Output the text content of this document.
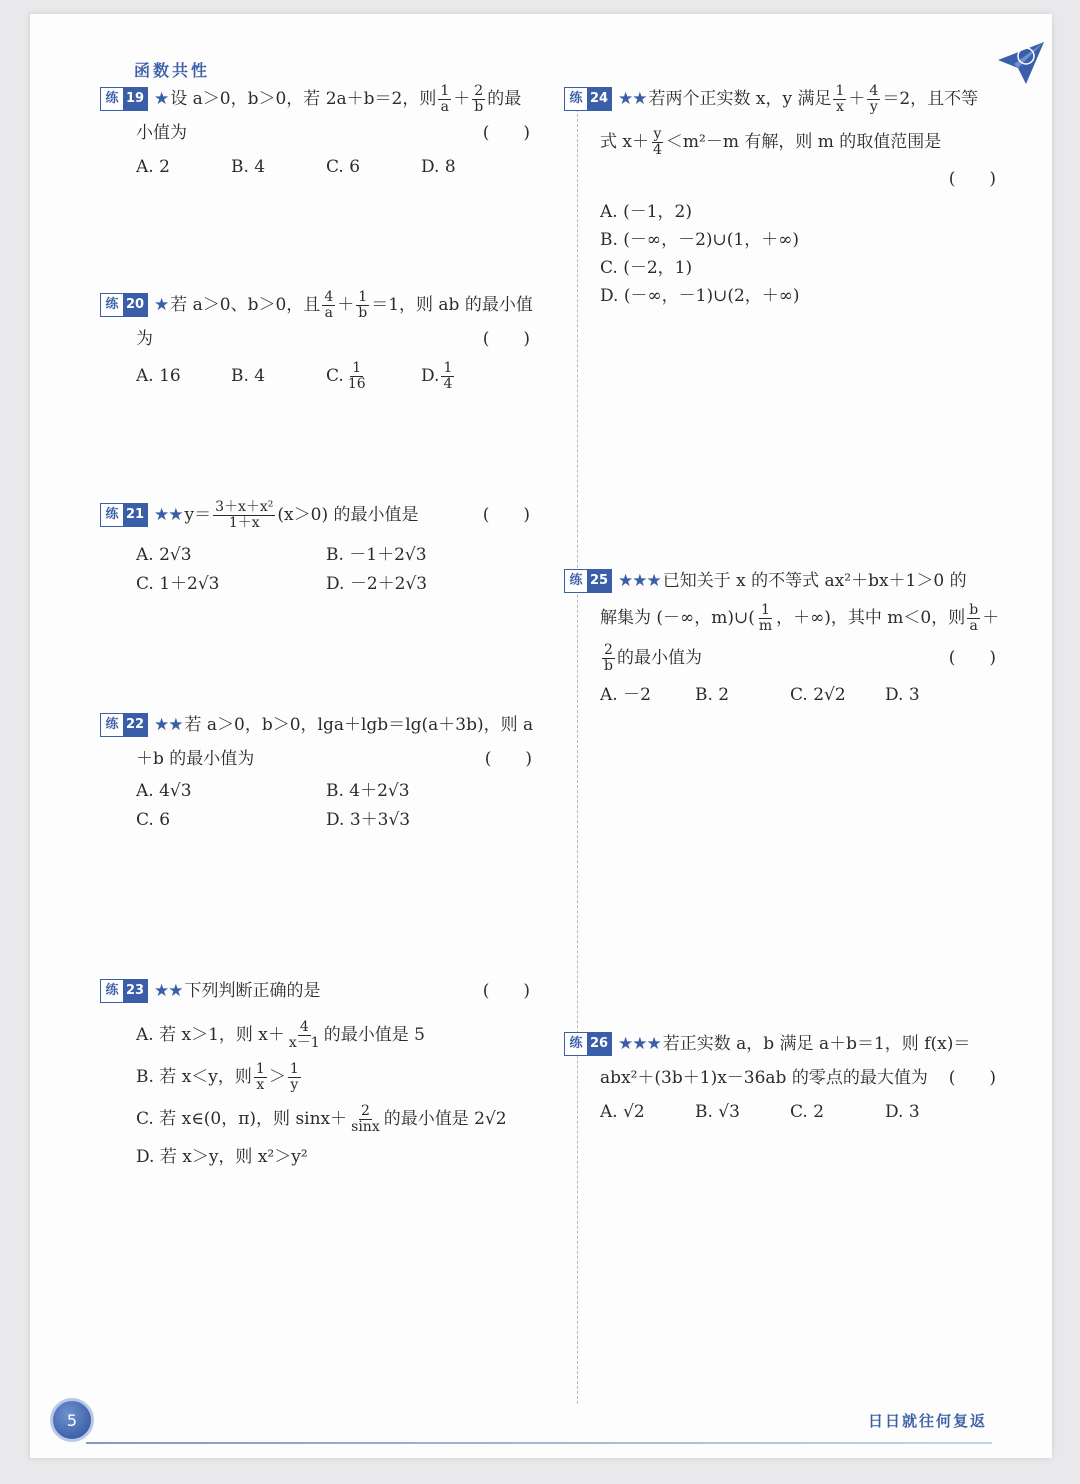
函数共性
练 19 ★ 设 a＞0，b＞0，若 2a＋b＝2，则 $\frac{1}{a} + \frac{2}{b}$ 的最
小值为	(　　)
A. 2	B. 4	C. 6	D. 8
练 20 ★ 若 a＞0、b＞0，且 $\frac{4}{a} + \frac{1}{b} =1$，则 ab 的最小值
为	(　　)
A. 16	B. 4	C. $\frac{1}{16}$	D. $\frac{1}{4}$
练 21 ★★ $y= \frac{\text{3＋x＋x²}}{1+x} (x>0)$ 的最小值是	(　　)
A. 2√3	B. －1＋2√3
C. 1＋2√3	D. －2＋2√3
练 22 ★★ 若 a＞0，b＞0，lga＋lgb＝lg(a＋3b)，则 a
＋b 的最小值为	(　　)
A. 4√3	B. 4＋2√3
C. 6	D. 3＋3√3
练 23 ★★ 下列判断正确的是	(　　)
A. 若 x＞1，则 $x+ \frac{4}{x-1}$ 的最小值是 5
B. 若 x＜y，则 $\frac{1}{x} > \frac{1}{y}$
C. 若 x∈(0，π)，则 $\sin x+ \frac{2}{\sin x}$ 的最小值是 2√2
D. 若 x＞y，则 x²＞y²
练 24 ★★ 若两个正实数 x，y 满足 $\frac{1}{x} + \frac{4}{y} =2$，且不等
式 $x+ \frac{y}{4} <m^2-m$ 有解，则 m 的取值范围是
(　　)
A. (－1，2)
B. (－∞，－2)∪(1，＋∞)
C. (－2，1)
D. (－∞，－1)∪(2，＋∞)
练 25 ★★★ 已知关于 x 的不等式 ax²＋bx＋1＞0 的
解集为 (－∞，m)∪( $\frac{1}{m}$ ，＋∞)，其中 m＜0，则 $\frac{b}{a}$ ＋
$\frac{2}{b}$ 的最小值为	(　　)
A. －2	B. 2	C. 2√2	D. 3
练 26 ★★★ 若正实数 a，b 满足 a＋b＝1，则 f(x)＝
abx²＋(3b＋1)x－36ab 的零点的最大值为 (　　)
A. √2	B. √3	C. 2	D. 3
5	日日就往何复返
